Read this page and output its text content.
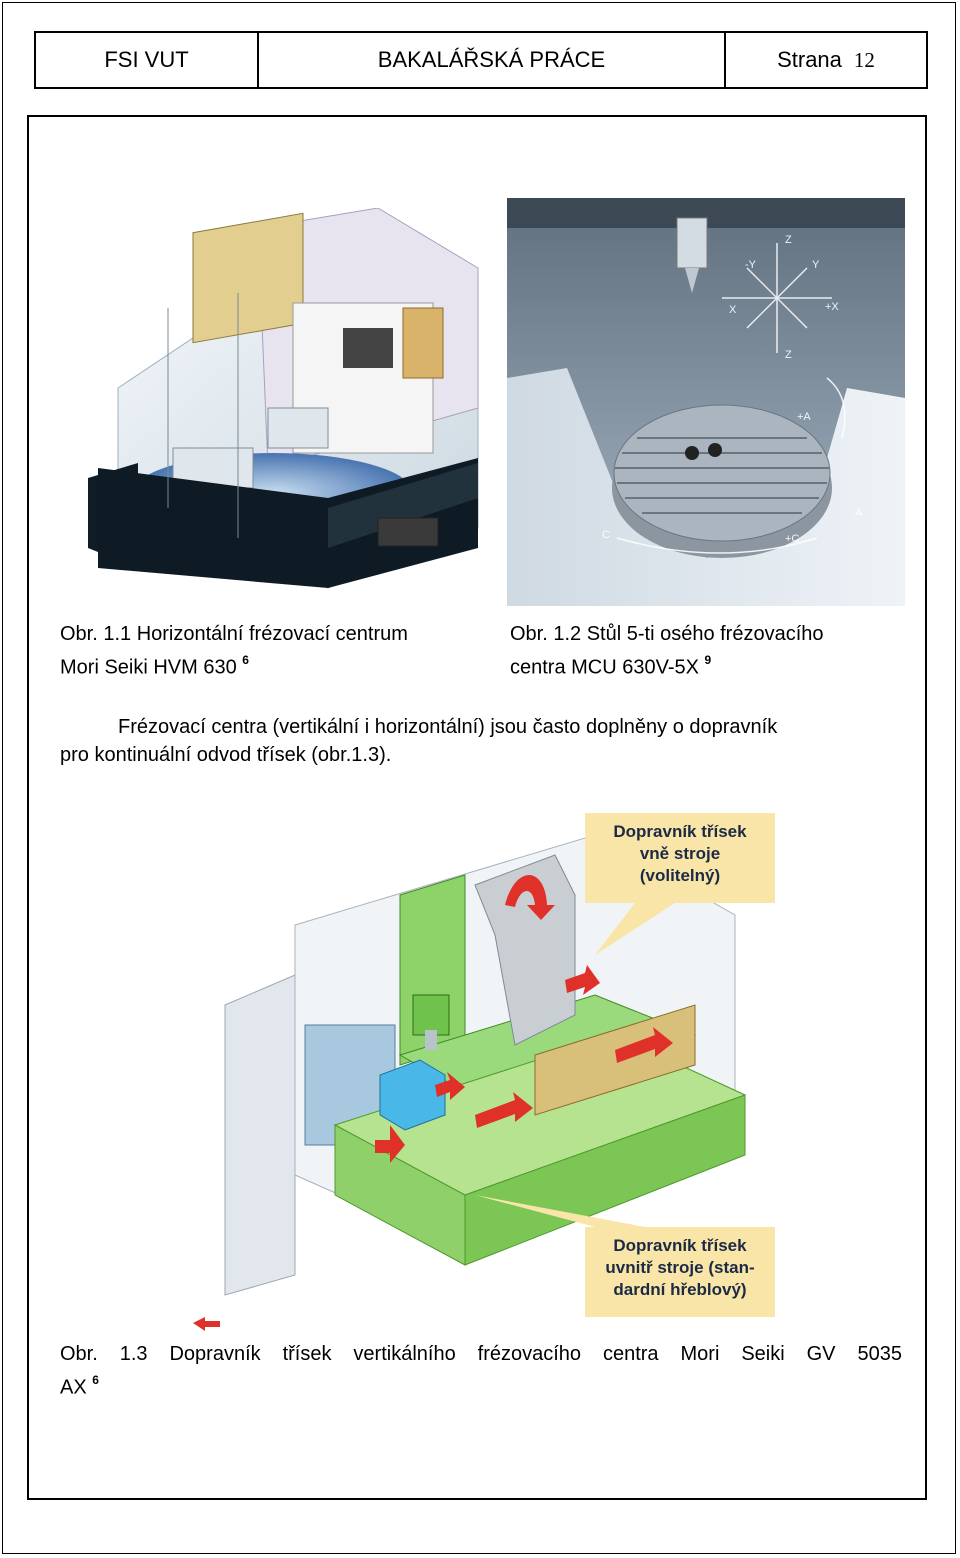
FSI VUT	BAKALÁŘSKÁ PRÁCE	Strana 12
Z
X	+X
Y
-Y
Z
+A
A
C	+C
Obr. 1.1 Horizontální frézovací centrum
Mori Seiki HVM 630 $^6$
Obr. 1.2 Stůl 5-ti osého frézovacího
centra MCU 630V-5X $^9$
Frézovací centra (vertikální i horizontální) jsou často doplněny o dopravník
pro kontinuální odvod třísek (obr.1.3).
Dopravník třísek
vně stroje
(volitelný)
Dopravník třísek
uvnitř stroje (stan-
dardní hřeblový)
Obr. 1.3 Dopravník třísek vertikálního frézovacího centra Mori Seiki GV 5035
AX $^6$
